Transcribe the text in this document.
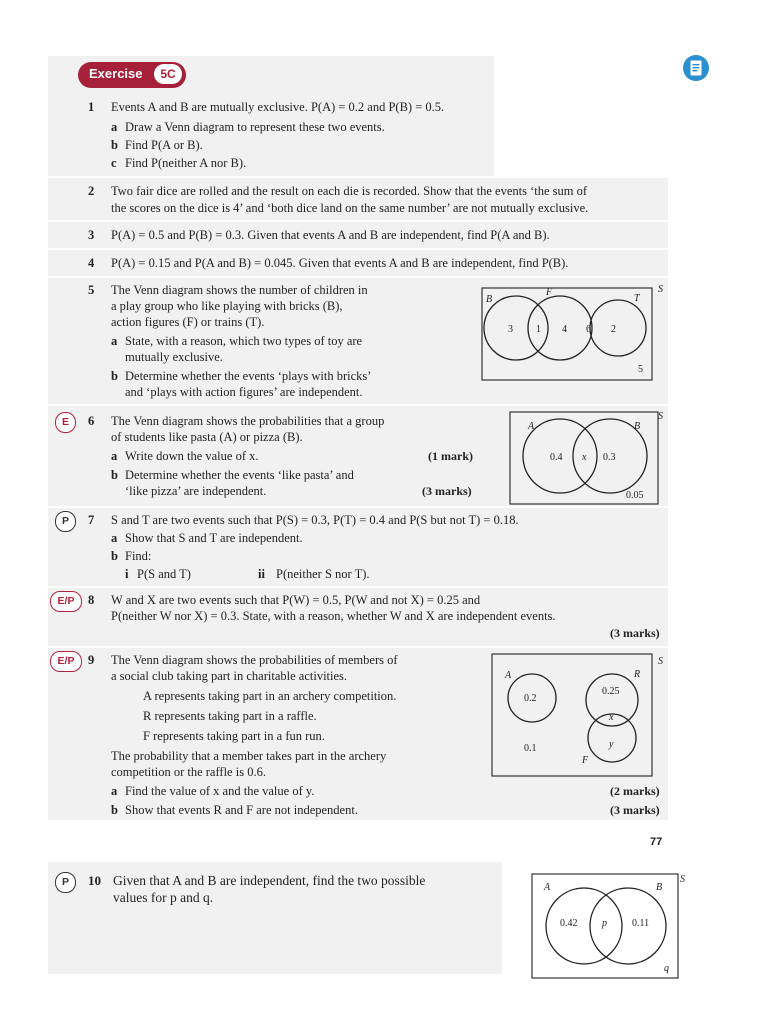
Exercise	5C
1 Events A and B are mutually exclusive. P(A) = 0.2 and P(B) = 0.5.
a Draw a Venn diagram to represent these two events.
b Find P(A or B).
c Find P(neither A nor B).
2 Two fair dice are rolled and the result on each die is recorded. Show that the events ‘the sum of
the scores on the dice is 4’ and ‘both dice land on the same number’ are not mutually exclusive.
3 P(A) = 0.5 and P(B) = 0.3. Given that events A and B are independent, find P(A and B).
4 P(A) = 0.15 and P(A and B) = 0.045. Given that events A and B are independent, find P(B).
5 The Venn diagram shows the number of children in
a play group who like playing with bricks (B),
action figures (F) or trains (T).
a State, with a reason, which two types of toy are
mutually exclusive.
b Determine whether the events ‘plays with bricks’
and ‘plays with action figures’ are independent.
S
B
F
T
3 1 4 6 2
5
E	6 The Venn diagram shows the probabilities that a group
of students like pasta (A) or pizza (B).
a Write down the value of x.	(1 mark)
b Determine whether the events ‘like pasta’ and
‘like pizza’ are independent.	(3 marks)
S
A	B
0.4 x 0.3
0.05
P	7 S and T are two events such that P(S) = 0.3, P(T) = 0.4 and P(S but not T) = 0.18.
a Show that S and T are independent.
b Find:
i P(S and T)	ii P(neither S nor T).
E/P	8 W and X are two events such that P(W) = 0.5, P(W and not X) = 0.25 and
P(neither W nor X) = 0.3. State, with a reason, whether W and X are independent events.
(3 marks)
E/P	9 The Venn diagram shows the probabilities of members of
a social club taking part in charitable activities.
A represents taking part in an archery competition.
R represents taking part in a raffle.
F represents taking part in a fun run.
The probability that a member takes part in the archery
competition or the raffle is 0.6.
a Find the value of x and the value of y.	(2 marks)
b Show that events R and F are not independent.	(3 marks)
S
A	R
F
0.2
0.25
x
y
0.1
77
P	10 Given that A and B are independent, find the two possible
values for p and q.
S
A	B
0.42 p	0.11
q
